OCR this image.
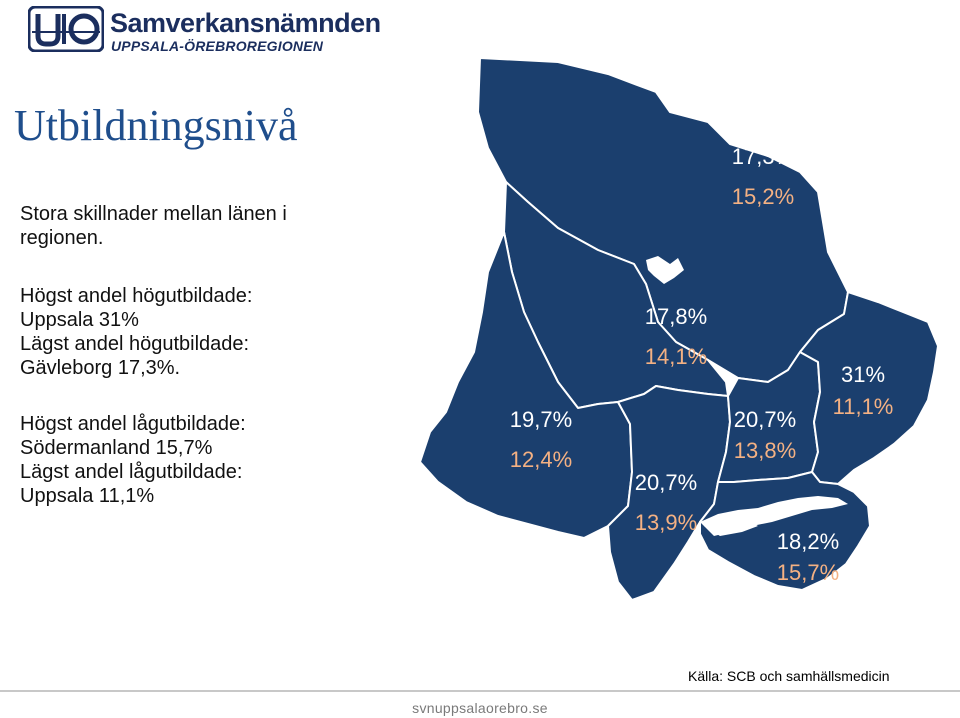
Samverkansnämnden
UPPSALA-ÖREBROREGIONEN
Utbildningsnivå

Stora skillnader mellan länen i regionen.

Högst andel högutbildade:

Uppsala 31%

Lägst andel högutbildade:

Gävleborg 17,3%.

Högst andel lågutbildade:

Södermanland 15,7%

Lägst andel lågutbildade:

Uppsala 11,1%

17,3%
15,2%
17,8%
14,1%
19,7%
12,4%
20,7%
13,9%
20,7%
13,8%
31%
11,1%
18,2%
15,7%
Källa: SCB och samhällsmedicin
svnuppsalaorebro.se
